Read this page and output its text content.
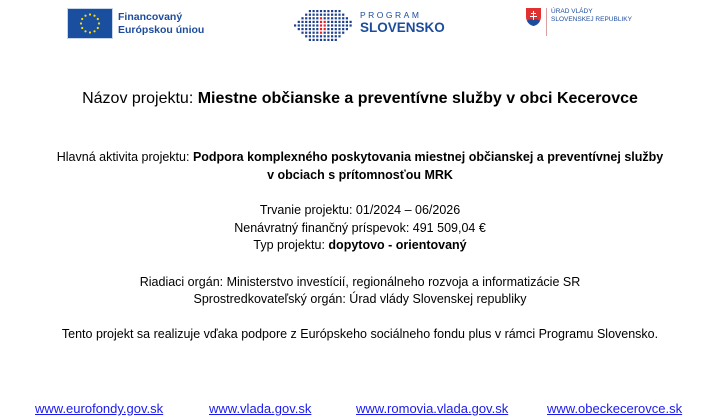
Financovaný
Európskou úniou
PROGRAM
SLOVENSKO
ÚRAD VLÁDY
SLOVENSKEJ REPUBLIKY
Názov projektu: Miestne občianske a preventívne služby v obci Kecerovce
Hlavná aktivita projektu: Podpora komplexného poskytovania miestnej občianskej a preventívnej služby
v obciach s prítomnosťou MRK
Trvanie projektu: 01/2024 – 06/2026
Nenávratný finančný príspevok: 491 509,04 €
Typ projektu: dopytovo - orientovaný
Riadiaci orgán: Ministerstvo investícií, regionálneho rozvoja a informatizácie SR
Sprostredkovateľský orgán: Úrad vlády Slovenskej republiky
Tento projekt sa realizuje vďaka podpore z Európskeho sociálneho fondu plus v rámci Programu Slovensko.
www.eurofondy.gov.sk	www.vlada.gov.sk	www.romovia.vlada.gov.sk	www.obeckecerovce.sk
